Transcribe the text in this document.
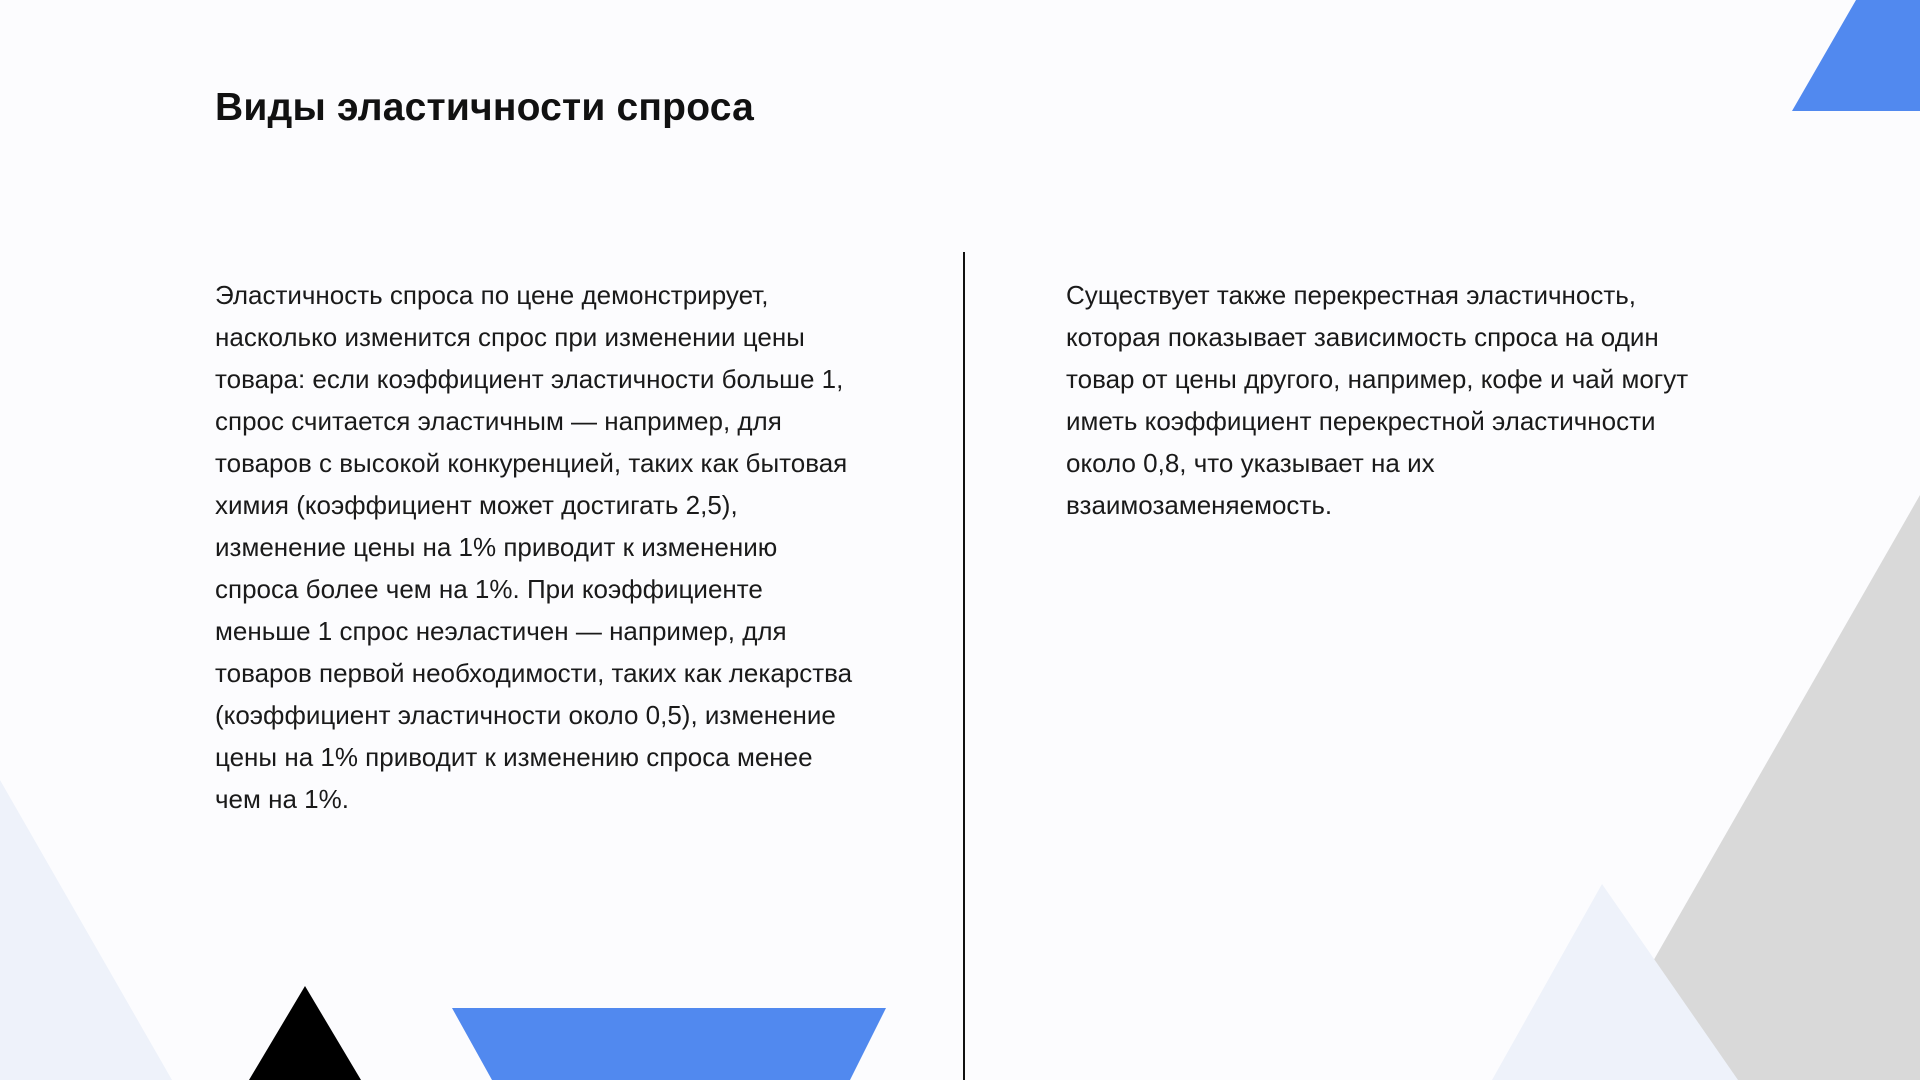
Виды эластичности спроса

Эластичность спроса по цене демонстрирует, насколько изменится спрос при изменении цены товара: если коэффициент эластичности больше 1, спрос считается эластичным — например, для товаров с высокой конкуренцией, таких как бытовая химия (коэффициент может достигать 2,5), изменение цены на 1% приводит к изменению спроса более чем на 1%. При коэффициенте меньше 1 спрос неэластичен — например, для товаров первой необходимости, таких как лекарства (коэффициент эластичности около 0,5), изменение цены на 1% приводит к изменению спроса менее чем на 1%.

Существует также перекрестная эластичность, которая показывает зависимость спроса на один товар от цены другого, например, кофе и чай могут иметь коэффициент перекрестной эластичности около 0,8, что указывает на их взаимозаменяемость.
